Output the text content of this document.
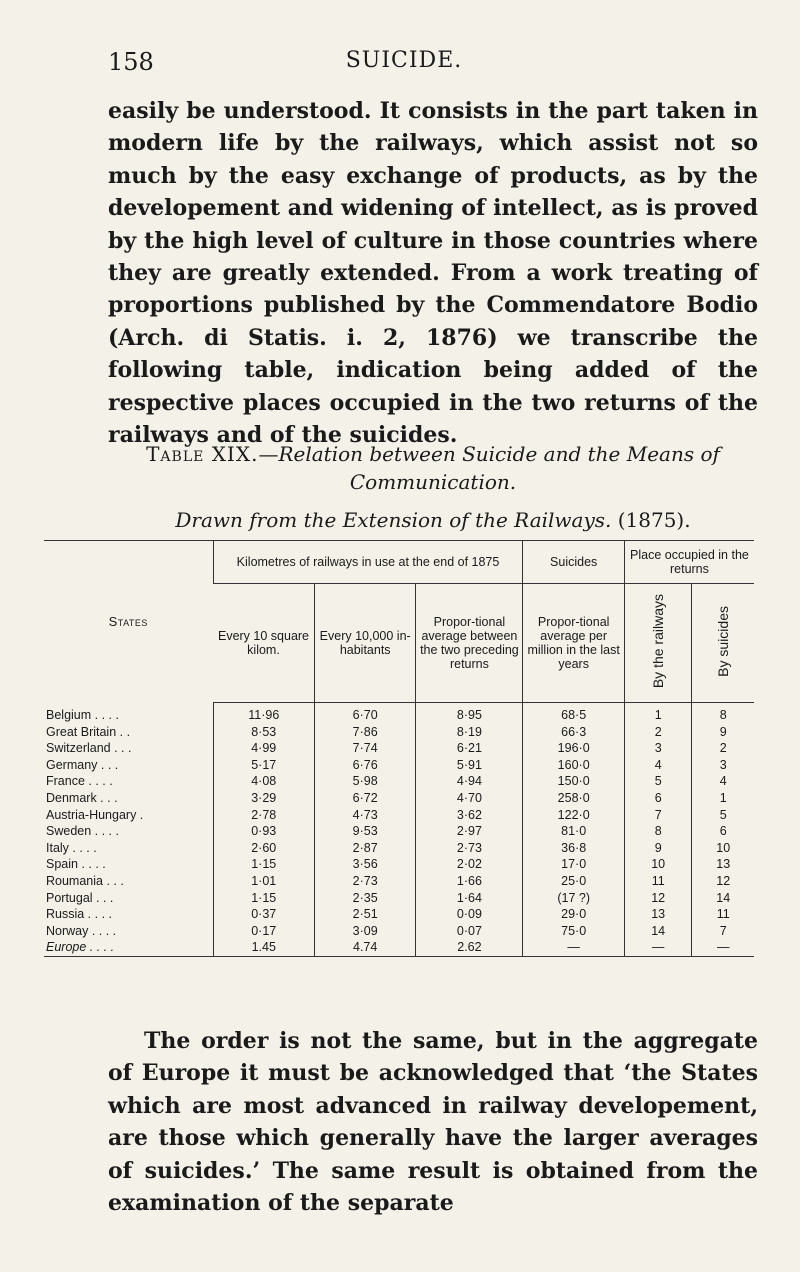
158	SUICIDE.

easily be understood. It consists in the part taken in modern life by the railways, which assist not so much by the easy exchange of products, as by the developement and widening of intellect, as is proved by the high level of culture in those countries where they are greatly extended. From a work treating of proportions published by the Commendatore Bodio (Arch. di Statis. i. 2, 1876) we transcribe the following table, indication being added of the respective places occupied in the two returns of the railways and of the suicides.

Table XIX.—Relation between Suicide and the Means of
Communication.
Drawn from the Extension of the Railways. (1875).
States	Kilometres of railways in use at the end of 1875			Suicides	Place occupied in the returns	
	Every 10 square kilom.	Every 10,000 in-habitants	Propor-tional average between the two preceding returns	Propor-tional average per million in the last years	By the railways	By suicides
Belgium . . . .	11·96	6·70	8·95	68·5	1	8
Great Britain . .	8·53	7·86	8·19	66·3	2	9
Switzerland . . .	4·99	7·74	6·21	196·0	3	2
Germany . . .	5·17	6·76	5·91	160·0	4	3
France . . . .	4·08	5·98	4·94	150·0	5	4
Denmark . . .	3·29	6·72	4·70	258·0	6	1
Austria-Hungary .	2·78	4·73	3·62	122·0	7	5
Sweden . . . .	0·93	9·53	2·97	81·0	8	6
Italy . . . .	2·60	2·87	2·73	36·8	9	10
Spain . . . .	1·15	3·56	2·02	17·0	10	13
Roumania . . .	1·01	2·73	1·66	25·0	11	12
Portugal . . .	1·15	2·35	1·64	(17 ?)	12	14
Russia . . . .	0·37	2·51	0·09	29·0	13	11
Norway . . . .	0·17	3·09	0·07	75·0	14	7
Europe . . . .	1.45	4.74	2.62	—	—	—

The order is not the same, but in the aggregate of Europe it must be acknowledged that ‘the States which are most advanced in railway developement, are those which generally have the larger averages of suicides.’ The same result is obtained from the examination of the separate
